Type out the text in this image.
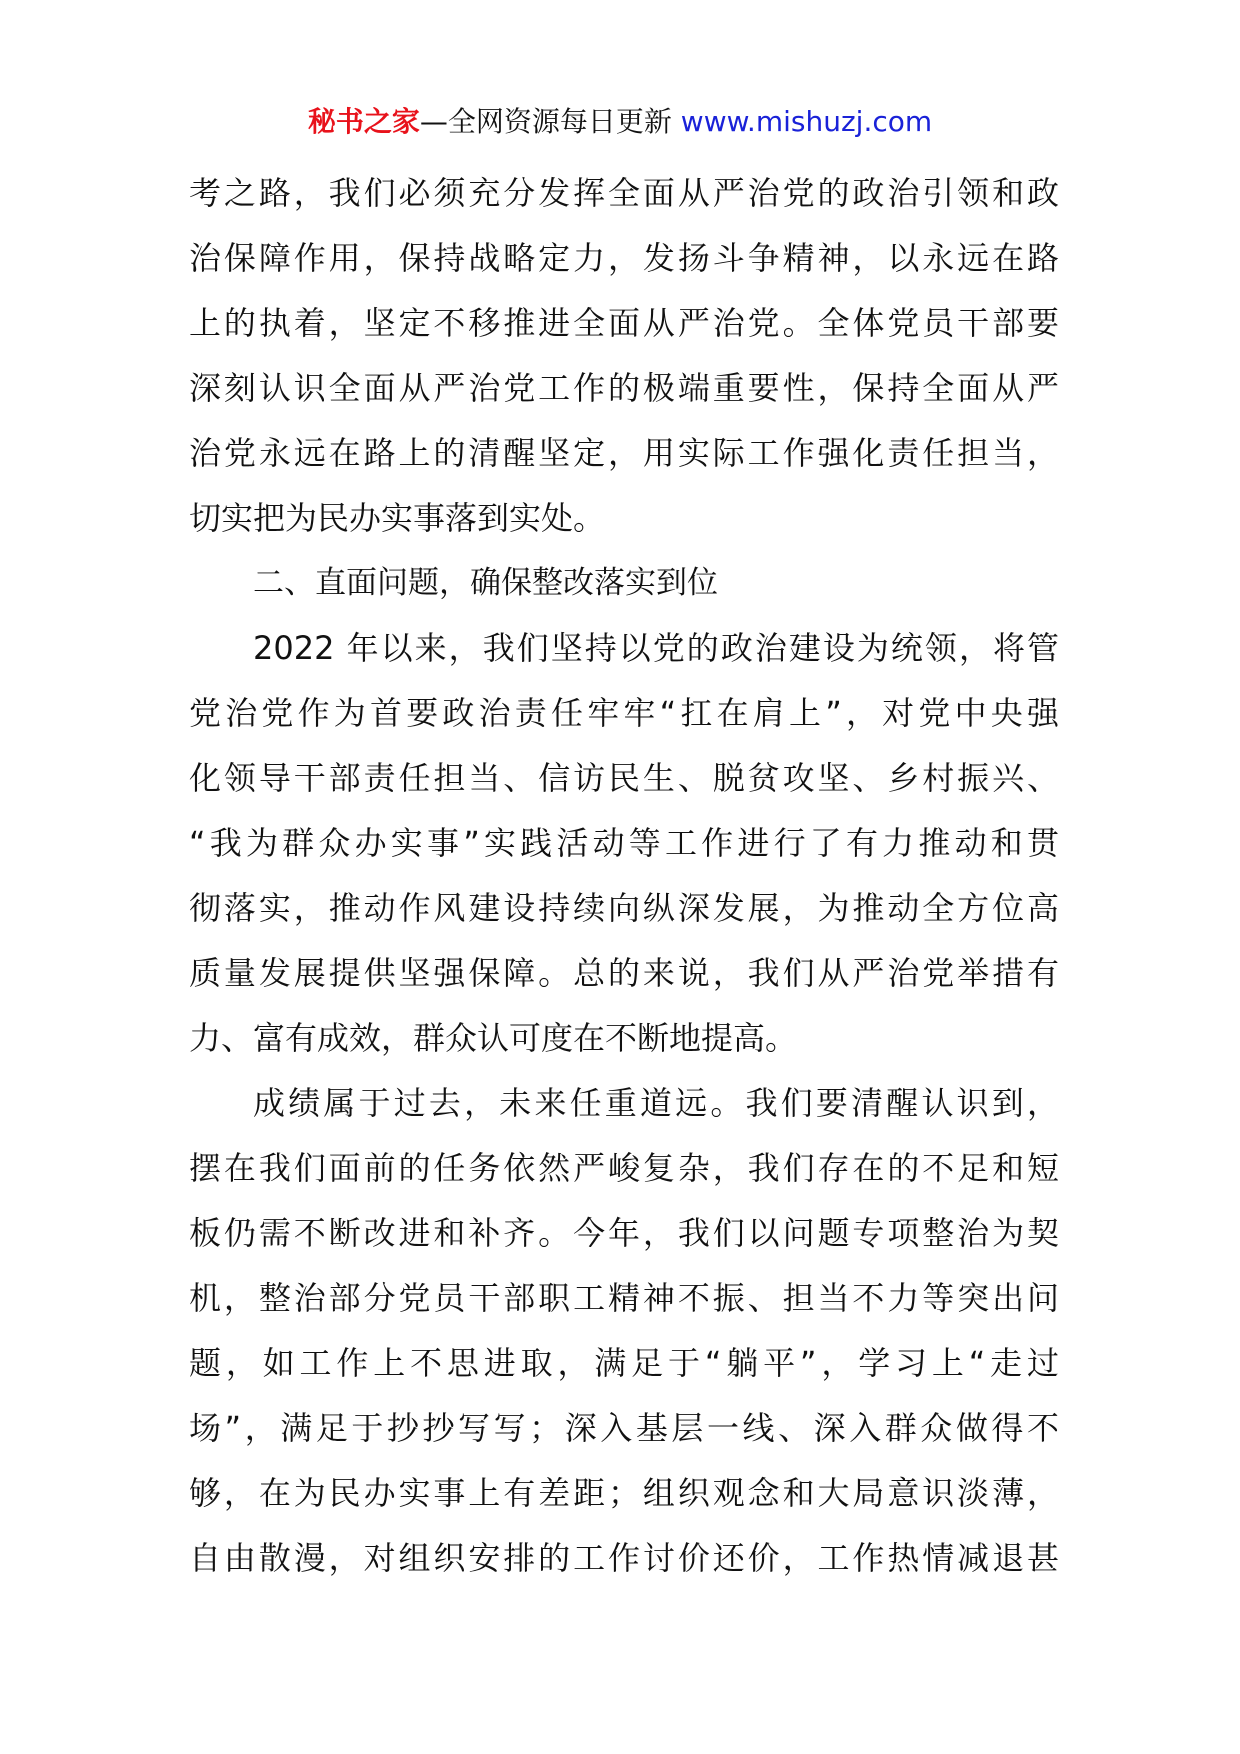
秘书之家—全网资源每日更新 www.mishuzj.com
考之路，我们必须充分发挥全面从严治党的政治引领和政
治保障作用，保持战略定力，发扬斗争精神，以永远在路
上的执着，坚定不移推进全面从严治党。全体党员干部要
深刻认识全面从严治党工作的极端重要性，保持全面从严
治党永远在路上的清醒坚定，用实际工作强化责任担当，
切实把为民办实事落到实处。
二、直面问题，确保整改落实到位
2022 年以来，我们坚持以党的政治建设为统领，将管
党治党作为首要政治责任牢牢“扛在肩上”，对党中央强
化领导干部责任担当、信访民生、脱贫攻坚、乡村振兴、
“我为群众办实事”实践活动等工作进行了有力推动和贯
彻落实，推动作风建设持续向纵深发展，为推动全方位高
质量发展提供坚强保障。总的来说，我们从严治党举措有
力、富有成效，群众认可度在不断地提高。
成绩属于过去，未来任重道远。我们要清醒认识到，
摆在我们面前的任务依然严峻复杂，我们存在的不足和短
板仍需不断改进和补齐。今年，我们以问题专项整治为契
机，整治部分党员干部职工精神不振、担当不力等突出问
题，如工作上不思进取，满足于“躺平”，学习上“走过
场”，满足于抄抄写写；深入基层一线、深入群众做得不
够，在为民办实事上有差距；组织观念和大局意识淡薄，
自由散漫，对组织安排的工作讨价还价，工作热情减退甚
